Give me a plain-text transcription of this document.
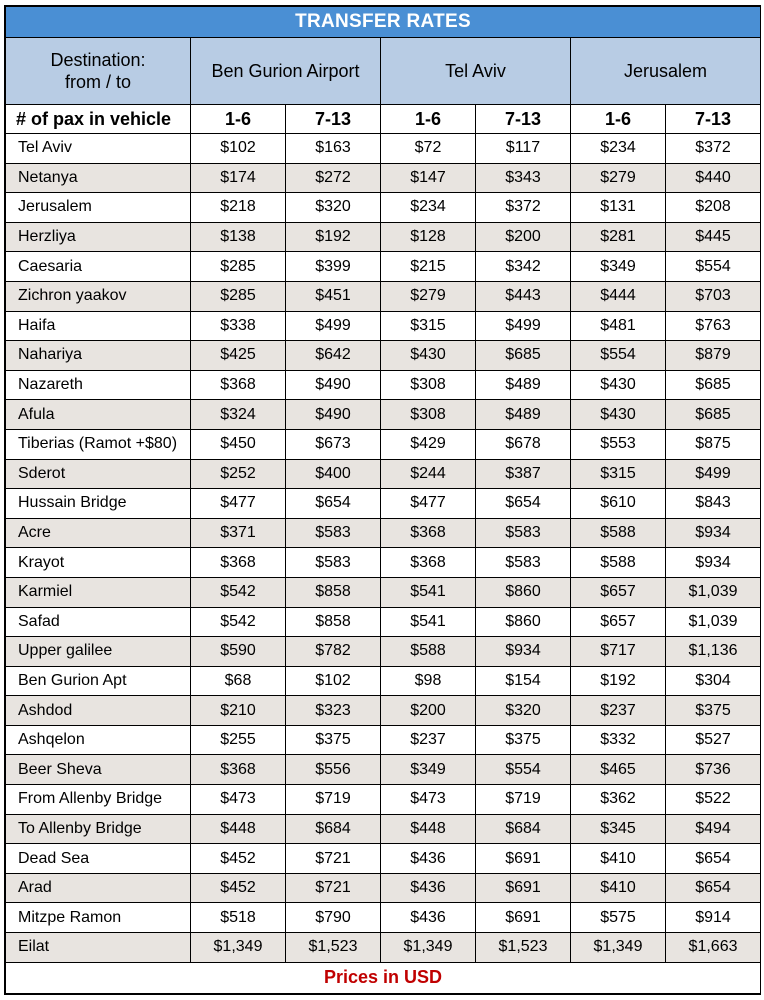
TRANSFER RATES						

Destination:
from / to	Ben Gurion Airport		Tel Aviv		Jerusalem	
# of pax in vehicle	1-6	7-13	1-6	7-13	1-6	7-13
Tel Aviv	$102	$163	$72	$117	$234	$372
Netanya	$174	$272	$147	$343	$279	$440
Jerusalem	$218	$320	$234	$372	$131	$208
Herzliya	$138	$192	$128	$200	$281	$445
Caesaria	$285	$399	$215	$342	$349	$554
Zichron yaakov	$285	$451	$279	$443	$444	$703
Haifa	$338	$499	$315	$499	$481	$763
Nahariya	$425	$642	$430	$685	$554	$879
Nazareth	$368	$490	$308	$489	$430	$685
Afula	$324	$490	$308	$489	$430	$685
Tiberias (Ramot +$80)	$450	$673	$429	$678	$553	$875
Sderot	$252	$400	$244	$387	$315	$499
Hussain Bridge	$477	$654	$477	$654	$610	$843
Acre	$371	$583	$368	$583	$588	$934
Krayot	$368	$583	$368	$583	$588	$934
Karmiel	$542	$858	$541	$860	$657	$1,039
Safad	$542	$858	$541	$860	$657	$1,039
Upper galilee	$590	$782	$588	$934	$717	$1,136
Ben Gurion Apt	$68	$102	$98	$154	$192	$304
Ashdod	$210	$323	$200	$320	$237	$375
Ashqelon	$255	$375	$237	$375	$332	$527
Beer Sheva	$368	$556	$349	$554	$465	$736
From Allenby Bridge	$473	$719	$473	$719	$362	$522
To Allenby Bridge	$448	$684	$448	$684	$345	$494
Dead Sea	$452	$721	$436	$691	$410	$654
Arad	$452	$721	$436	$691	$410	$654
Mitzpe Ramon	$518	$790	$436	$691	$575	$914
Eilat	$1,349	$1,523	$1,349	$1,523	$1,349	$1,663
Prices in USD						
